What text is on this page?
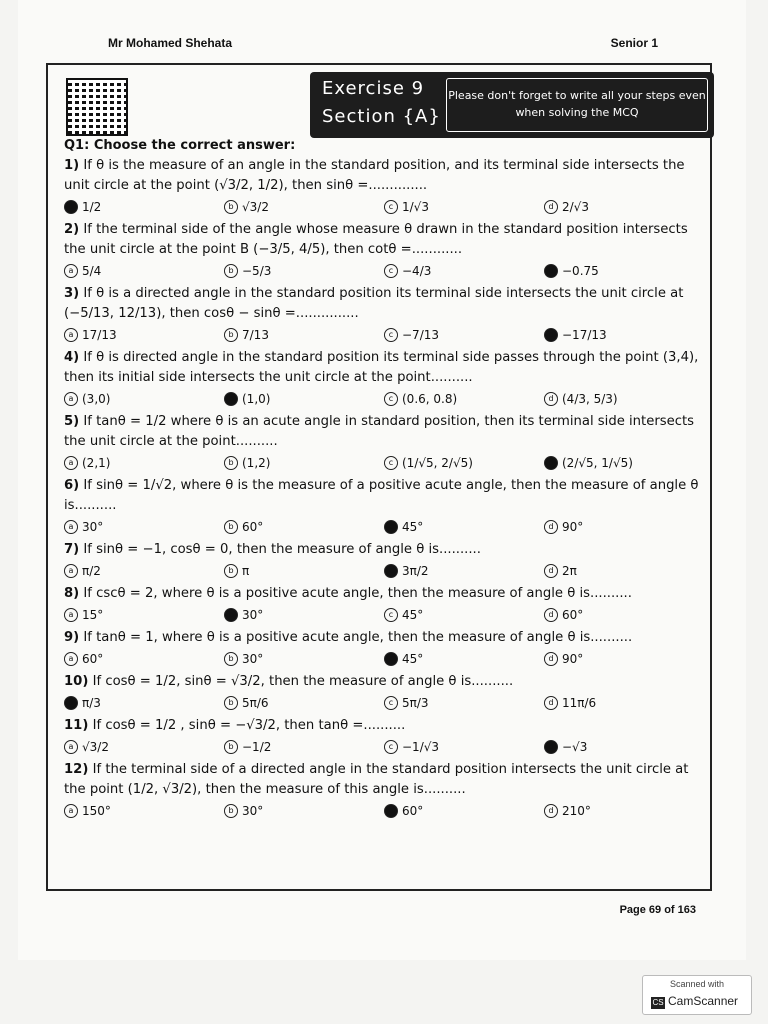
Mr Mohamed Shehata	Senior 1
Exercise 9
Section {A}
Please don't forget to write all your steps even when solving the MCQ
Q1: Choose the correct answer:
1) If θ is the measure of an angle in the standard position, and its terminal side intersects the unit circle at the point (√3/2, 1/2), then sinθ =..............
a 1/2	b √3/2	c 1/√3	d 2/√3
2) If the terminal side of the angle whose measure θ drawn in the standard position intersects the unit circle at the point B (−3/5, 4/5), then cotθ =............
a 5/4	b −5/3	c −4/3	d −0.75
3) If θ is a directed angle in the standard position its terminal side intersects the unit circle at (−5/13, 12/13), then cosθ − sinθ =...............
a 17/13	b 7/13	c −7/13	d −17/13
4) If θ is directed angle in the standard position its terminal side passes through the point (3,4), then its initial side intersects the unit circle at the point..........
a (3,0)	b (1,0)	c (0.6, 0.8)	d (4/3, 5/3)
5) If tanθ = 1/2 where θ is an acute angle in standard position, then its terminal side intersects the unit circle at the point..........
a (2,1)	b (1,2)	c (1/√5, 2/√5)	d (2/√5, 1/√5)
6) If sinθ = 1/√2, where θ is the measure of a positive acute angle, then the measure of angle θ is..........
a 30°	b 60°	c 45°	d 90°
7) If sinθ = −1, cosθ = 0, then the measure of angle θ is..........
a π/2	b π	c 3π/2	d 2π
8) If cscθ = 2, where θ is a positive acute angle, then the measure of angle θ is..........
a 15°	b 30°	c 45°	d 60°
9) If tanθ = 1, where θ is a positive acute angle, then the measure of angle θ is..........
a 60°	b 30°	c 45°	d 90°
10) If cosθ = 1/2, sinθ = √3/2, then the measure of angle θ is..........
a π/3	b 5π/6	c 5π/3	d 11π/6
11) If cosθ = 1/2 , sinθ = −√3/2, then tanθ =..........
a √3/2	b −1/2	c −1/√3	d −√3
12) If the terminal side of a directed angle in the standard position intersects the unit circle at the point (1/2, √3/2), then the measure of this angle is..........
a 150°	b 30°	c 60°	d 210°
Page 69 of 163
Scanned with
CS CamScanner
